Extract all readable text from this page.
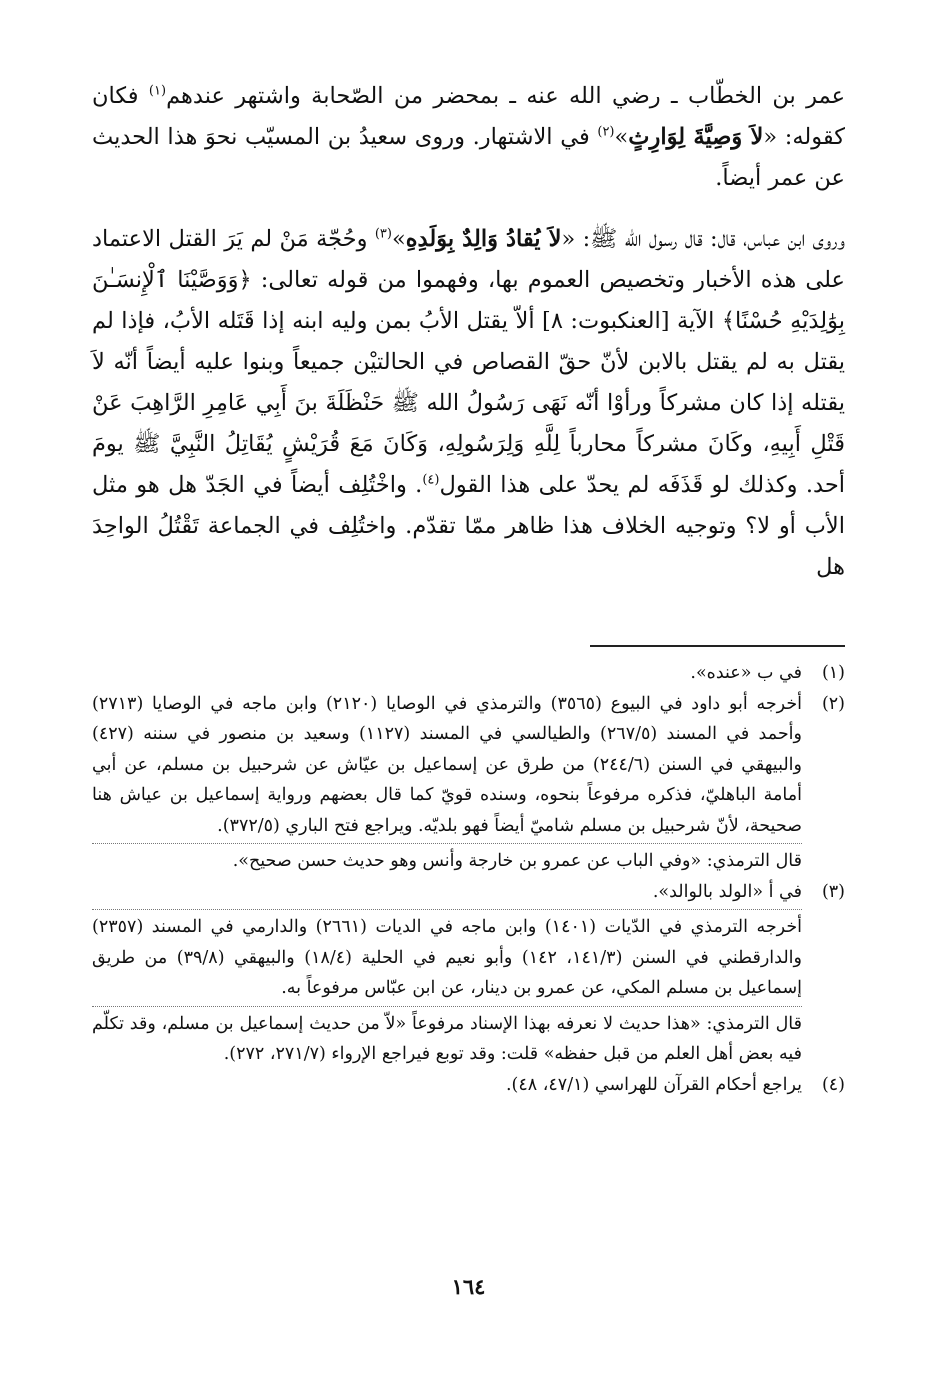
عمر بن الخطّاب ـ رضي الله عنه ـ بمحضر من الصّحابة واشتهر عندهم$^{(١)}$ فكان كقوله: «لاَ وَصِيَّةَ لِوَارِثٍ»$^{(٢)}$ في الاشتهار. وروى سعيدُ بن المسيّب نحوَ هذا الحديث عن عمر أيضاً.

وروى ابن عباس، قال: قال رسول الله ﷺ: «لاَ يُقادُ وَالِدٌ بِوَلَدِهِ»$^{(٣)}$ وحُجّة مَنْ لم يَرَ القتل الاعتماد على هذه الأخبار وتخصيص العموم بها، وفهموا من قوله تعالى: ﴿وَوَصَّيْنَا ٱلْإِنسَـٰنَ بِوَٰلِدَيْهِ حُسْنًا﴾ الآية [العنكبوت: ٨] ألاّ يقتل الأبُ بمن وليه ابنه إذا قَتَله الأبُ، فإذا لم يقتل به لم يقتل بالابن لأنّ حقّ القصاص في الحالتيْن جميعاً وبنوا عليه أيضاً أنّه لاَ يقتله إذا كان مشركاً ورأوْا أنّه نَهَى رَسُولُ الله ﷺ حَنْظَلَةَ بنَ أَبِي عَامِرِ الرَّاهِبَ عَنْ قَتْلِ أَبِيهِ، وكَانَ مشركاً محارباً لِلَّهِ وَلِرَسُولِهِ، وَكَانَ مَعَ قُرَيْشٍ يُقَاتِلُ النَّبِيَّ ﷺ يومَ أحد. وكذلك لو قَذَفَه لم يحدّ على هذا القول$^{(٤)}$. واخْتُلِف أيضاً في الجَدّ هل هو مثل الأب أو لا؟ وتوجيه الخلاف هذا ظاهر ممّا تقدّم. واختُلِف في الجماعة تَقْتُلُ الواحِدَ هل

(١)

في ب «عنده».

(٢)

أخرجه أبو داود في البيوع (٣٥٦٥) والترمذي في الوصايا (٢١٢٠) وابن ماجه في الوصايا (٢٧١٣) وأحمد في المسند (٢٦٧/٥) والطيالسي في المسند (١١٢٧) وسعيد بن منصور في سننه (٤٢٧) والبيهقي في السنن (٢٤٤/٦) من طرق عن إسماعيل بن عيّاش عن شرحبيل بن مسلم، عن أبي أمامة الباهليّ، فذكره مرفوعاً بنحوه، وسنده قويّ كما قال بعضهم ورواية إسماعيل بن عياش هنا صحيحة، لأنّ شرحبيل بن مسلم شاميّ أيضاً فهو بلديّه. ويراجع فتح الباري (٣٧٢/٥).

قال الترمذي: «وفي الباب عن عمرو بن خارجة وأنس وهو حديث حسن صحيح».

(٣)

في أ «الولد بالوالد».

أخرجه الترمذي في الدّيات (١٤٠١) وابن ماجه في الديات (٢٦٦١) والدارمي في المسند (٢٣٥٧) والدارقطني في السنن (١٤١/٣، ١٤٢) وأبو نعيم في الحلية (١٨/٤) والبيهقي (٣٩/٨) من طريق إسماعيل بن مسلم المكي، عن عمرو بن دينار، عن ابن عبّاس مرفوعاً به.

قال الترمذي: «هذا حديث لا نعرفه بهذا الإسناد مرفوعاً «لاّ من حديث إسماعيل بن مسلم، وقد تكلّم فيه بعض أهل العلم من قبل حفظه» قلت: وقد توبع فيراجع الإرواء (٢٧١/٧، ٢٧٢).

(٤)

يراجع أحكام القرآن للهراسي (٤٧/١، ٤٨).

١٦٤
